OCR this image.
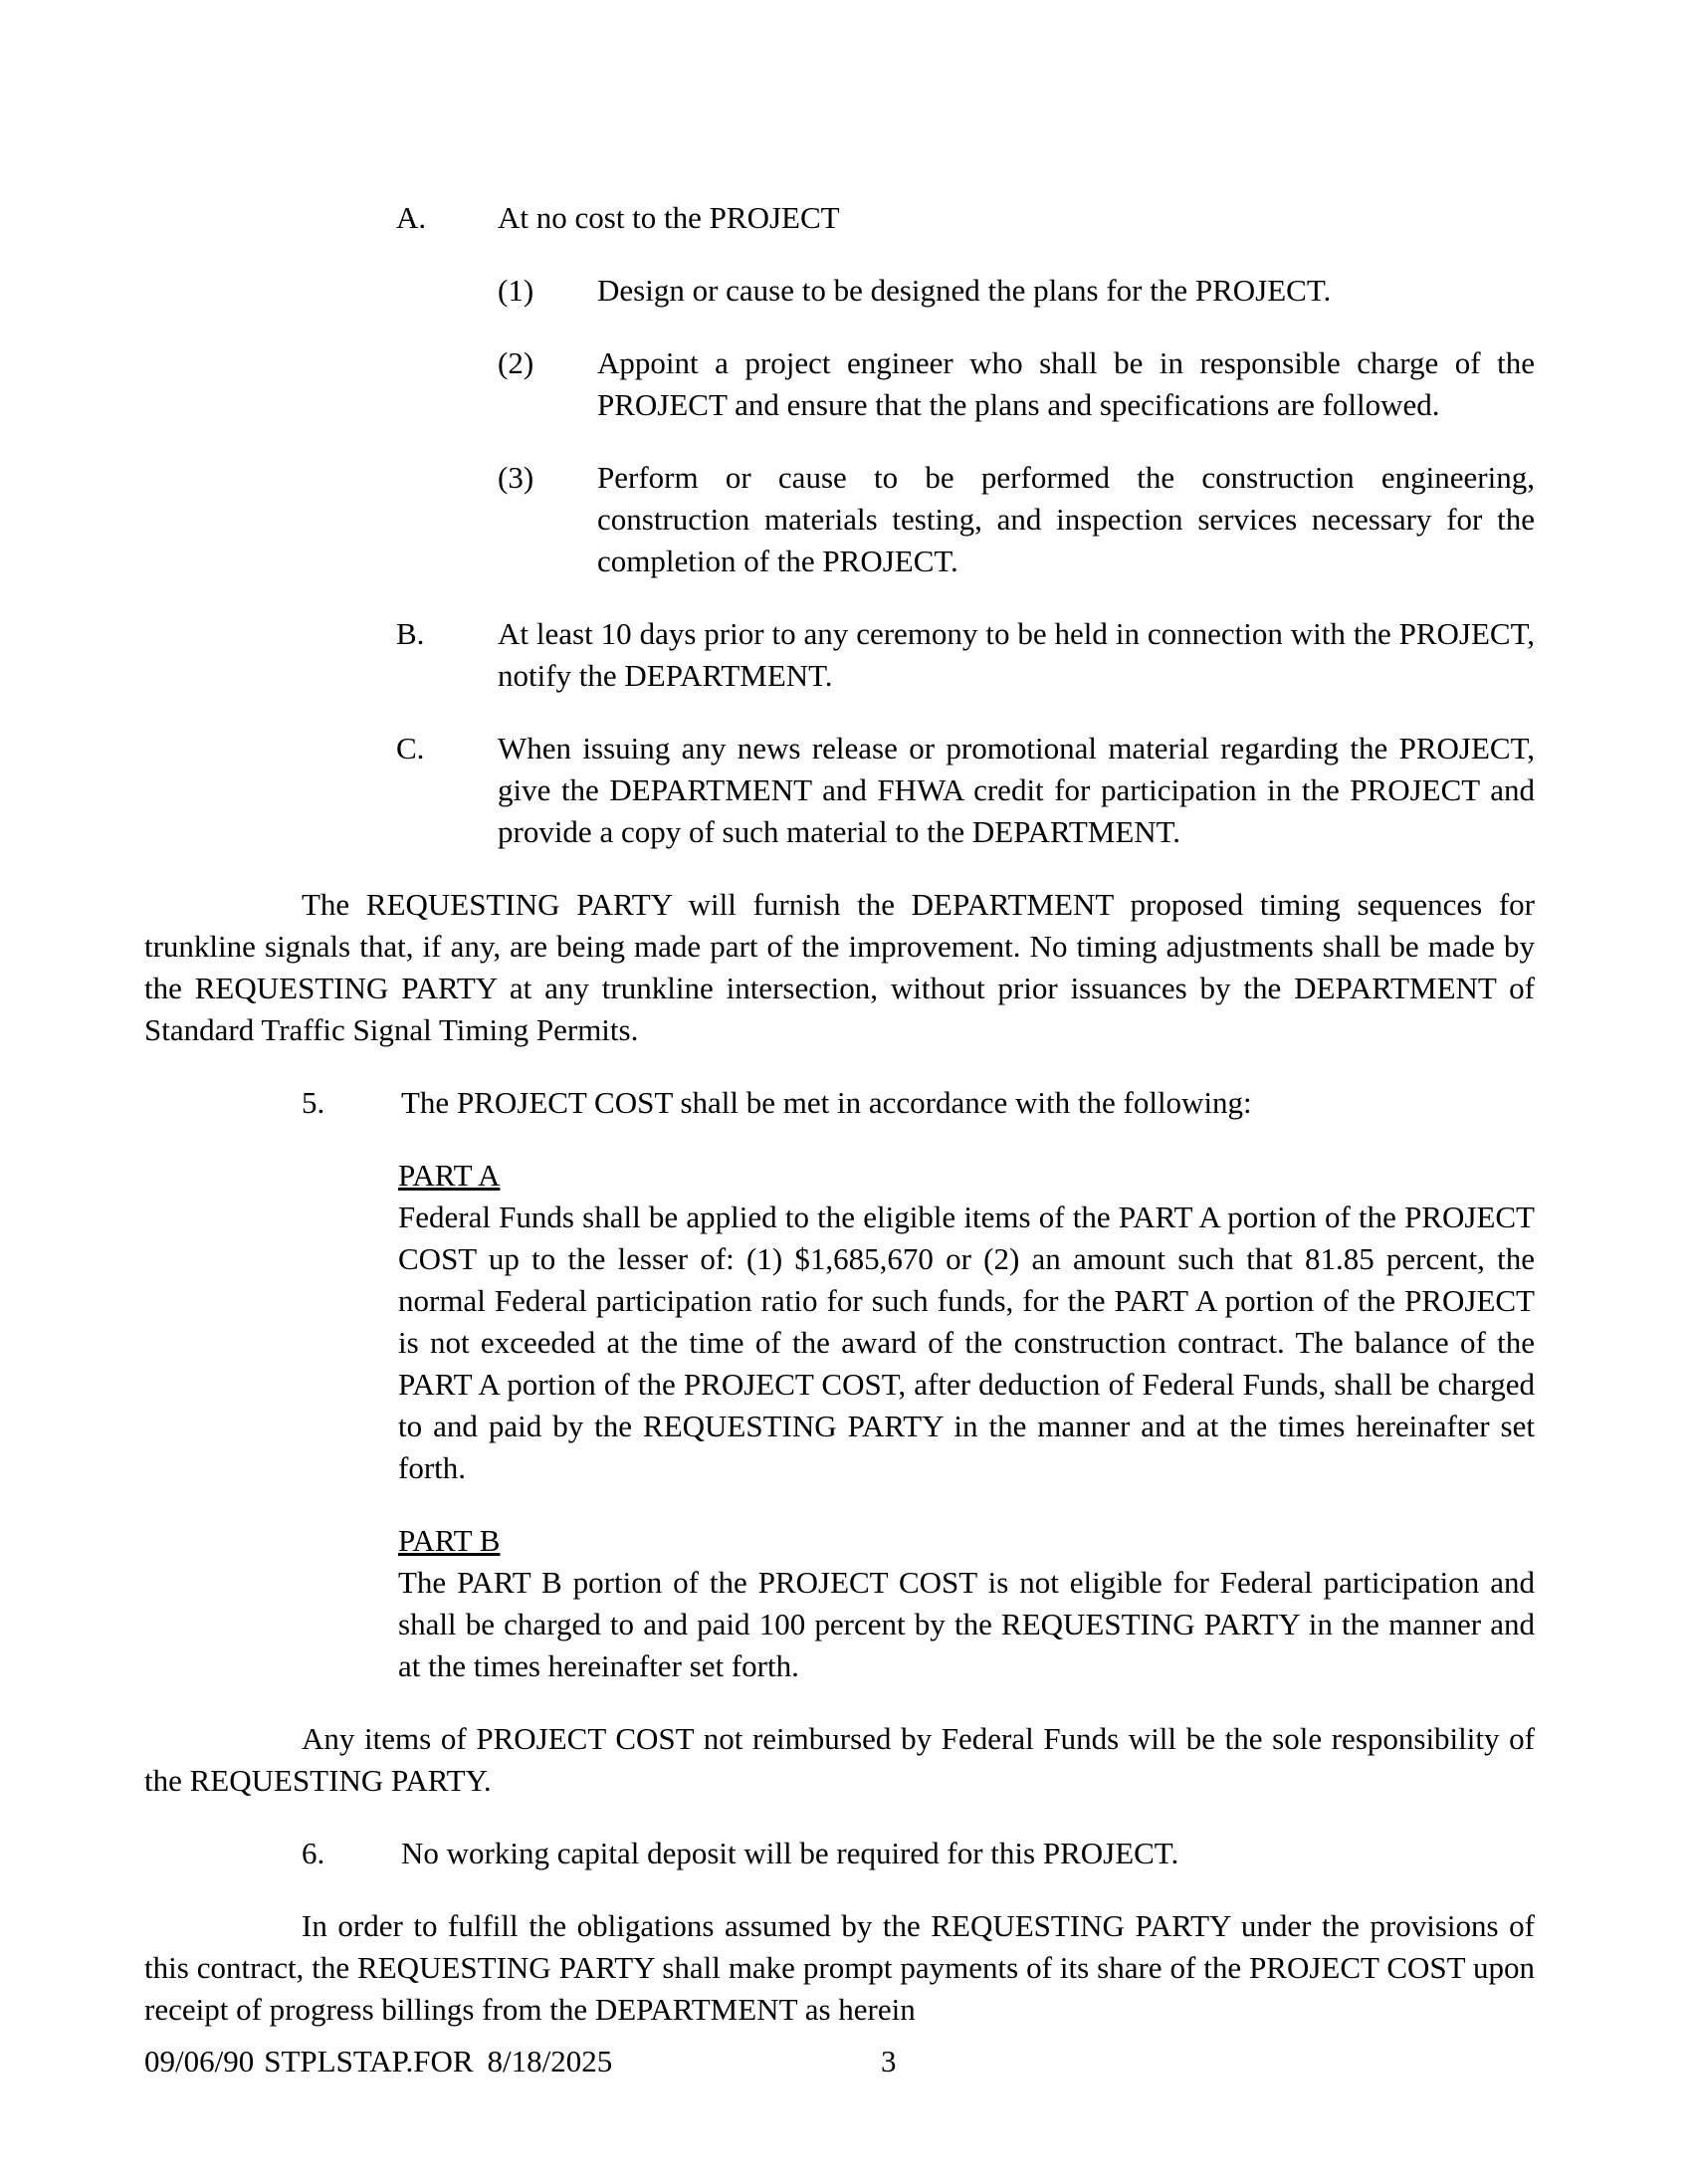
A. At no cost to the PROJECT
(1) Design or cause to be designed the plans for the PROJECT.
(2) Appoint a project engineer who shall be in responsible charge of the PROJECT and ensure that the plans and specifications are followed.
(3) Perform or cause to be performed the construction engineering, construction materials testing, and inspection services necessary for the completion of the PROJECT.
B. At least 10 days prior to any ceremony to be held in connection with the PROJECT, notify the DEPARTMENT.
C. When issuing any news release or promotional material regarding the PROJECT, give the DEPARTMENT and FHWA credit for participation in the PROJECT and provide a copy of such material to the DEPARTMENT.
The REQUESTING PARTY will furnish the DEPARTMENT proposed timing sequences for trunkline signals that, if any, are being made part of the improvement. No timing adjustments shall be made by the REQUESTING PARTY at any trunkline intersection, without prior issuances by the DEPARTMENT of Standard Traffic Signal Timing Permits.
5. The PROJECT COST shall be met in accordance with the following:
PART A
Federal Funds shall be applied to the eligible items of the PART A portion of the PROJECT COST up to the lesser of: (1) $1,685,670 or (2) an amount such that 81.85 percent, the normal Federal participation ratio for such funds, for the PART A portion of the PROJECT is not exceeded at the time of the award of the construction contract. The balance of the PART A portion of the PROJECT COST, after deduction of Federal Funds, shall be charged to and paid by the REQUESTING PARTY in the manner and at the times hereinafter set forth.
PART B
The PART B portion of the PROJECT COST is not eligible for Federal participation and shall be charged to and paid 100 percent by the REQUESTING PARTY in the manner and at the times hereinafter set forth.
Any items of PROJECT COST not reimbursed by Federal Funds will be the sole responsibility of the REQUESTING PARTY.
6. No working capital deposit will be required for this PROJECT.
In order to fulfill the obligations assumed by the REQUESTING PARTY under the provisions of this contract, the REQUESTING PARTY shall make prompt payments of its share of the PROJECT COST upon receipt of progress billings from the DEPARTMENT as herein
09/06/90 STPLSTAP.FOR 8/18/2025	3
